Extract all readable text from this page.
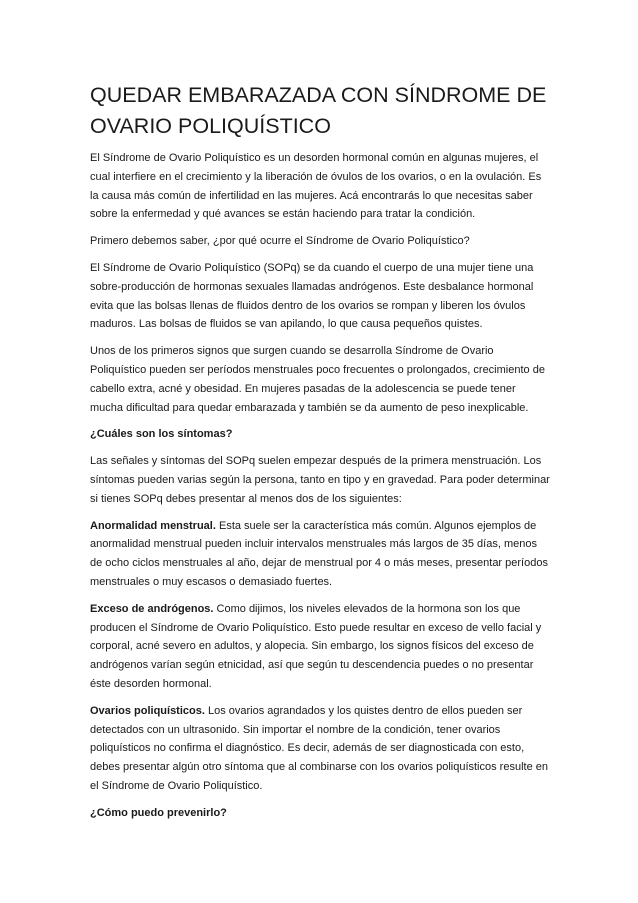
QUEDAR EMBARAZADA CON SÍNDROME DE OVARIO POLIQUÍSTICO

El Síndrome de Ovario Poliquístico es un desorden hormonal común en algunas mujeres, el cual interfiere en el crecimiento y la liberación de óvulos de los ovarios, o en la ovulación. Es la causa más común de infertilidad en las mujeres. Acá encontrarás lo que necesitas saber sobre la enfermedad y qué avances se están haciendo para tratar la condición.

Primero debemos saber, ¿por qué ocurre el Síndrome de Ovario Poliquístico?

El Síndrome de Ovario Poliquístico (SOPq) se da cuando el cuerpo de una mujer tiene una sobre-producción de hormonas sexuales llamadas andrógenos. Este desbalance hormonal evita que las bolsas llenas de fluidos dentro de los ovarios se rompan y liberen los óvulos maduros. Las bolsas de fluidos se van apilando, lo que causa pequeños quistes.

Unos de los primeros signos que surgen cuando se desarrolla Síndrome de Ovario Poliquístico pueden ser períodos menstruales poco frecuentes o prolongados, crecimiento de cabello extra, acné y obesidad. En mujeres pasadas de la adolescencia se puede tener mucha dificultad para quedar embarazada y también se da aumento de peso inexplicable.

¿Cuáles son los síntomas?

Las señales y síntomas del SOPq suelen empezar después de la primera menstruación. Los síntomas pueden varias según la persona, tanto en tipo y en gravedad. Para poder determinar si tienes SOPq debes presentar al menos dos de los siguientes:

Anormalidad menstrual. Esta suele ser la característica más común. Algunos ejemplos de anormalidad menstrual pueden incluir intervalos menstruales más largos de 35 días, menos de ocho ciclos menstruales al año, dejar de menstrual por 4 o más meses, presentar períodos menstruales o muy escasos o demasiado fuertes.

Exceso de andrógenos. Como dijimos, los niveles elevados de la hormona son los que producen el Síndrome de Ovario Poliquístico. Esto puede resultar en exceso de vello facial y corporal, acné severo en adultos, y alopecia. Sin embargo, los signos físicos del exceso de andrógenos varían según etnicidad, así que según tu descendencia puedes o no presentar éste desorden hormonal.

Ovarios poliquísticos. Los ovarios agrandados y los quistes dentro de ellos pueden ser detectados con un ultrasonido. Sin importar el nombre de la condición, tener ovarios poliquísticos no confirma el diagnóstico. Es decir, además de ser diagnosticada con esto, debes presentar algún otro síntoma que al combinarse con los ovarios poliquísticos resulte en el Síndrome de Ovario Poliquístico.

¿Cómo puedo prevenirlo?
